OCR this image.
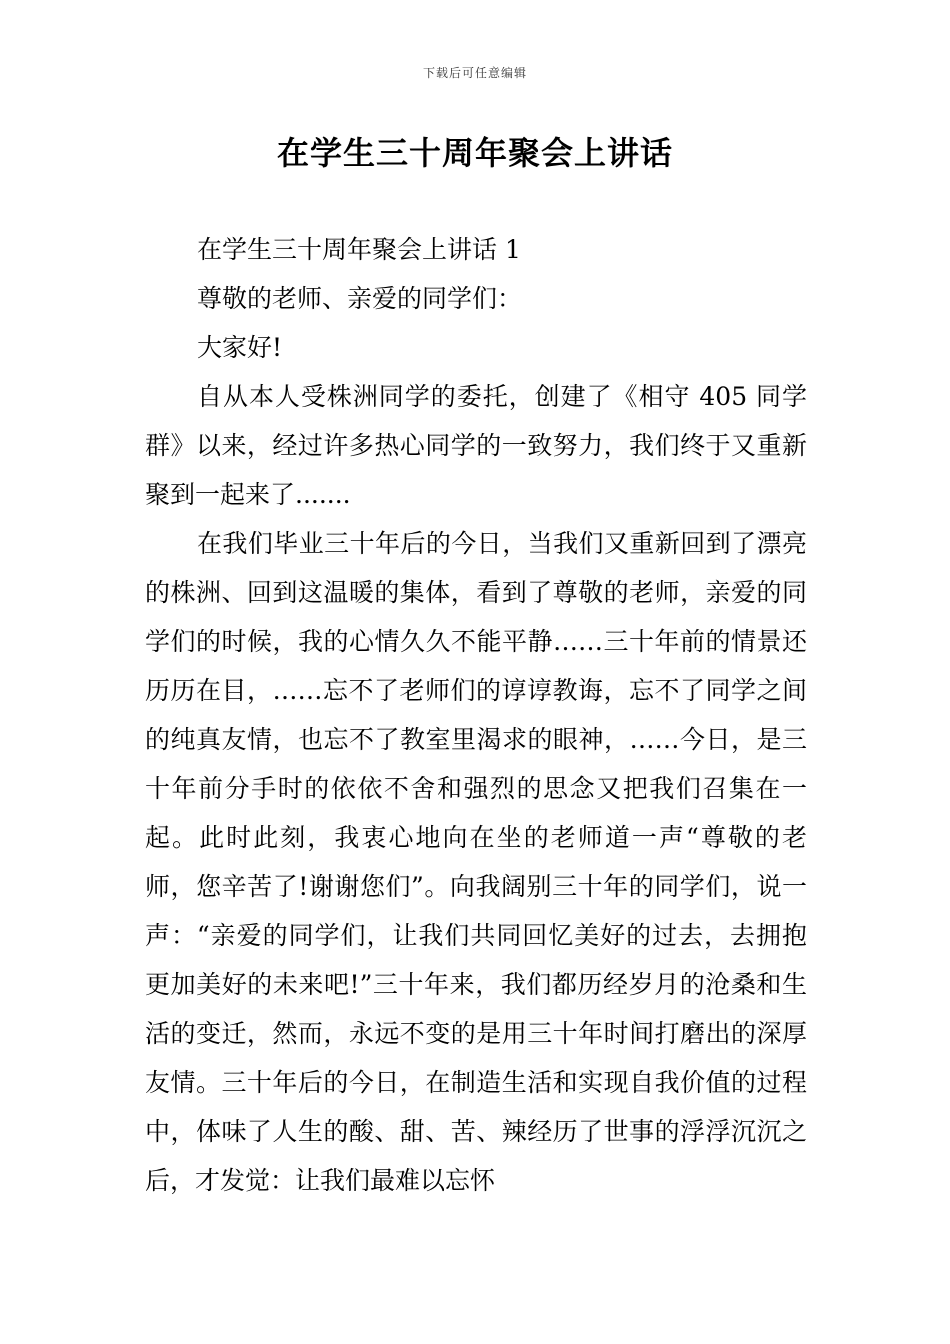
下载后可任意编辑
在学生三十周年聚会上讲话

在学生三十周年聚会上讲话 1

尊敬的老师、亲爱的同学们：

大家好!

自从本人受株洲同学的委托，创建了《相守 405 同学群》以来，经过许多热心同学的一致努力，我们终于又重新聚到一起来了.......

在我们毕业三十年后的今日，当我们又重新回到了漂亮的株洲、回到这温暖的集体，看到了尊敬的老师，亲爱的同学们的时候，我的心情久久不能平静……三十年前的情景还历历在目，……忘不了老师们的谆谆教诲，忘不了同学之间的纯真友情，也忘不了教室里渴求的眼神，……今日，是三十年前分手时的依依不舍和强烈的思念又把我们召集在一起。此时此刻，我衷心地向在坐的老师道一声“尊敬的老师，您辛苦了!谢谢您们”。向我阔别三十年的同学们，说一声：“亲爱的同学们，让我们共同回忆美好的过去，去拥抱更加美好的未来吧!”三十年来，我们都历经岁月的沧桑和生活的变迁，然而，永远不变的是用三十年时间打磨出的深厚友情。三十年后的今日，在制造生活和实现自我价值的过程中，体味了人生的酸、甜、苦、辣经历了世事的浮浮沉沉之后，才发觉：让我们最难以忘怀
